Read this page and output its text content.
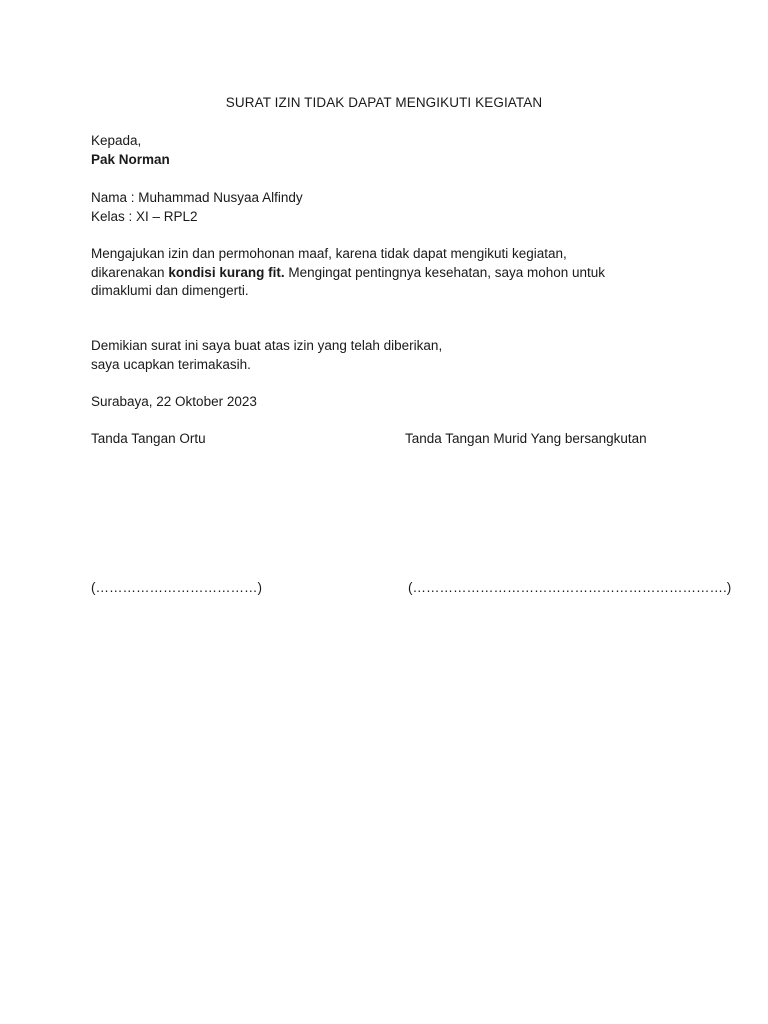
SURAT IZIN TIDAK DAPAT MENGIKUTI KEGIATAN
Kepada,
Pak Norman
Nama : Muhammad Nusyaa Alfindy
Kelas : XI – RPL2
Mengajukan izin dan permohonan maaf, karena tidak dapat mengikuti kegiatan,
dikarenakan kondisi kurang fit. Mengingat pentingnya kesehatan, saya mohon untuk
dimaklumi dan dimengerti.
Demikian surat ini saya buat atas izin yang telah diberikan,
saya ucapkan terimakasih.
Surabaya, 22 Oktober 2023
Tanda Tangan Ortu	Tanda Tangan Murid Yang bersangkutan
(………………………………)	(…………………………………………………………….)
